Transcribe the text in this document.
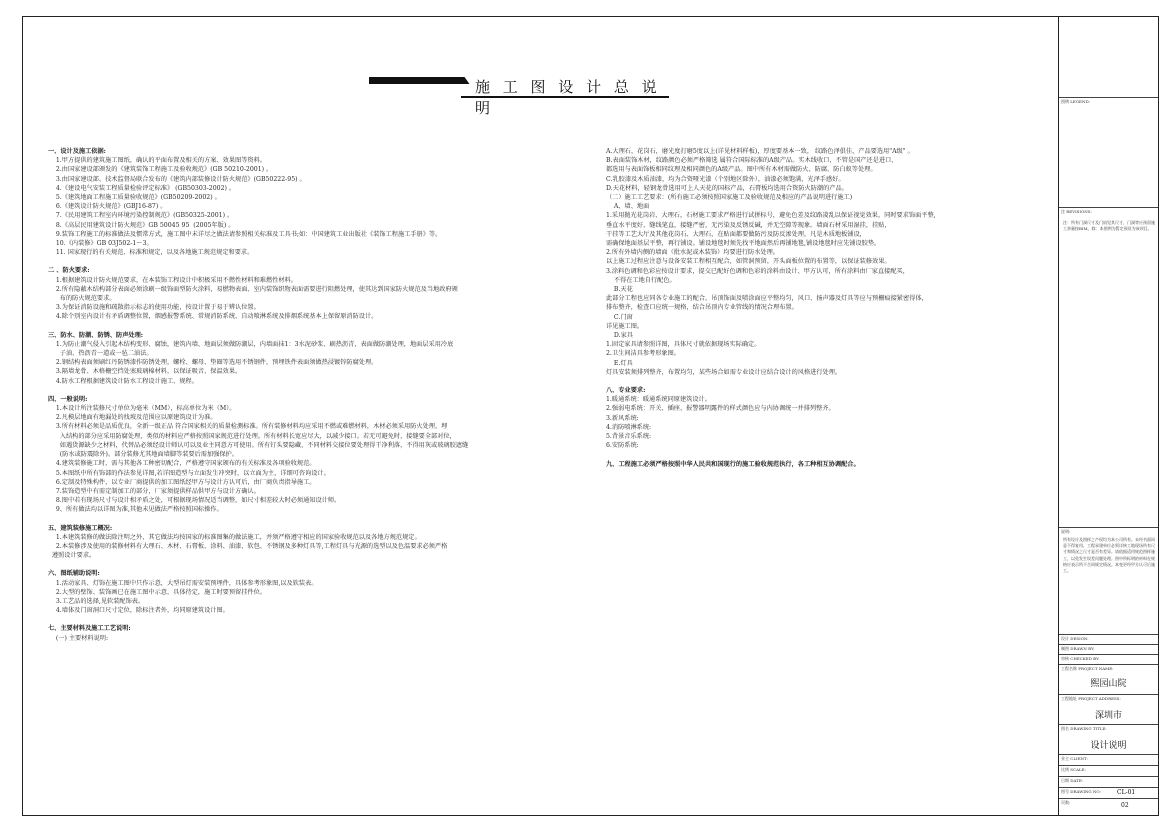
施 工 图 设 计 总 说 明
一、设计及施工依据:
1.甲方提供的建筑施工图纸，确认的平面布置及相关的方案、效果图等资料。
2.由国家建设部颁发的《建筑装饰工程施工及验收规范》(GB 50210-2001) 。
3.由国家建设部、技术监督局联合发布的《建筑内部装修设计防火规范》(GB50222-95) 。
4.《建设电气安装工程质量检验评定标准》 (GB50303-2002) 。
5.《建筑地面工程施工质量验收规范》(GB50209-2002) 。
6.《建筑设计防火规范》(GBJ16-87) 。
7.《民用建筑工程室内环境污染控制规范》(GB50325-2001) 。
8.《高层民用建筑设计防火规范》GB 50045 95  (2005年版) 。
9.装饰工程施工的标准做法及惯常方式，施工图中未详尽之做法请参照相关标准及工具书;如：中国建筑工业出版社《装饰工程施工手册》等。
10.《内装修》GB 03J502-1～3。
11. 国家现行的有关规范、标准和规定，以及各地施工规范规定和要求。
二 、防火要求:
1.根据建筑设计防火规范要求，在本装饰工程设计中积极采用不燃性材料和难燃性材料。
2.所有隐蔽木结构部分表面必须涂刷一级饰面型防火涂料，易燃物表面、室内装饰织物表面需要进行阻燃处理，使其达到国家防火规范及当地政府颁
布的防火规范要求。
3.为保证消防设施和疏散指示标志的使用功能，按设计置于易于辨认位置。
4.除个别室内设计有矛盾调整位置，烟感报警系统、常规消防系统、自动喷淋系统及排烟系统基本上保留原消防设计。
三、防水、防潮、防锈、防声处理:
1.为防止潮气侵入引起木结构变形、腐蚀，建筑内墙、地面层须做防潮层，内墙面抹1：3水泥砂浆、刷热沥青，表面做防潮处理，地面层采用冷底
子油、热沥青一道或一毡二油法。
2.钢结构表面须刷红丹防锈漆作防锈处理，螺栓、螺母、垫圈等选用不锈钢件，预埋铁件表面须做热浸镀锌防腐处理。
3.隔墙龙骨、木格栅空挡处塞玻璃棉材料，以保证吸音、保温效果。
4.防水工程根据建筑设计防水工程设计施工、规程。
四、一般说明:
1.本设计所注装修尺寸单位为毫米（MM），标高单位为米（M）。
2.凡模层地面有地漏处的找坡及范围应以原建筑设计为准。
3.所有材料必须是品质优良，全新一级正品 符合国家相关的质量检测标准。所有装修材料均应采用不燃或难燃材料，木材必须采用防火处理，埋
入结构的部分应采用防腐处理，类似的材料应严格按照国家规范进行处理。所有材料长宽应尽大，以减少接口。若无可避免时，接缝要全部对位，
如遇货源缺少之材料，代替品必须经设计师认可以及业主同意方可使用。所有钉头要隐藏，不同材料交接位要处理得干净利落，不得用灰或玻璃胶遮缝
(防水或防震除外)。部分装修尤其地面墙脚等装要后需加强保护。
4.建筑装修施工时，需与其他各工种密切配合，严格遵守国家颁布的有关标准及各项验收规范。
5.本图纸中所有饰部的作法参见详图,若详图造型与立面发生冲突时，以立面为主，详细可咨询设计。
6.定制及特殊构件，以专业厂商提供的加工图纸经甲方与设计方认可后，由厂商负责指导施工。
7.装饰造型中有需定制加工的部分，厂家须提供样品供甲方与设计方确认。
8.图中若有现场尺寸与设计相矛盾之处，可根据现场情况适当调整，如尺寸相差较大时必须通知设计师。
9、所有做法均以详图为准,其他未见做法严格按照国标操作。
五、建筑装修施工概况:
1.本建筑装修的做法除注明之外，其它做法均按国家的标准图集的做法施工，并须严格遵守相应的国家验收规范以及各地方规范规定。
2.本装修涉及使用的装修材料有大理石、木材、石膏板、涂料、油漆、软包、不锈钢及多种灯具等,工程灯具与光源的选型以及色温要求必须严格
遵照设计要求。
六、图纸辅助说明:
1.活动家具、灯饰在施工图中只作示意，大型吊灯需安装预埋件，具体参考形象图,以及软装表。
2.大型的壁饰、装饰画已在施工图中示意，具体待定，施工时要预留挂件位。
3.工艺品的选择,见软装配饰表。
4.墙体及门窗洞口尺寸定位，除标注者外，均同原建筑设计图。
七、主要材料及施工工艺说明:
(一) 主要材料说明:
A.大理石，花岗石，磨光度打磨5度以上(详见材料样板)，厚度要基本一致， 纹路色泽俱佳，产品要选用"A级" 。
B.表面装饰木材，纹路颜色必须严格筛选 属符合国际标准的A级产品。实木线收口，不管是国产还是进口，
都选用与表面饰板相同纹理及相同颜色的A级产品。图中所有木材需做防火、防腐、防白蚁等处理。
C.乳胶漆及木质油漆，均为合资哑光漆（个别地区除外），油漆必须饱满，光泽手感好。
D.天花材料，轻钢龙骨选用可上人天花的国标产品，石膏板均选用合资防火防潮的产品。
（二）施工工艺要求：(所有施工必须按照国家施工及验收规范及相应的产品说明进行施工)
A、墙、地面
1.采用抛光花岗岩、大理石，石材施工要求严格进行试拼标号，避免色差及纹路凌乱以保证视觉效果，同时要求饰面平整,
垂直水平度好，缝线笔直，接缝严密，无污染及反锈反碱，并无空隙等现象。墙面石材采用湿挂，挂贴，
干挂等工艺大厅及其他花岗石、大理石，在贴面都要做防污及防反渗处理，凡是木质地板铺设，
需确保地面基层平整，再行铺设。铺设地毯时须先找平地面然后再铺地毯,铺设地毯时应先铺设胶垫。
2.所有外墙内侧的墙面（批水泥或木装饰）均要进行防水处理。
以上施工过程应注意与设备安装工程相互配合，如管洞预留，开头面板位置的布置等，以保证装修效果。
3.涂料色调和色彩应按设计要求，提交已配好色调和色彩的涂料由设计、甲方认可，所有涂料由厂家直接配买，
不得在工地自行配色。
B.天花
此部分工程也应同各专业施工的配合，吊顶饰面及喷涂面应平整均匀，风口、扬声器及灯具等应与预栅痕接紧密得体，
排布整齐，检查口应统一规格，结合吊顶内专业管线的情况合理布置。
C.门窗
详见施工图。
D.家具
1.固定家具请参照详图，具体尺寸就依据现场实际确定。
2.卫生间洁具参考形象图。
E.灯具
灯具安装须排列整齐，布置均匀，某些场合如需专业设计应结合设计的风格进行处理。
八、专业要求:
1.暖通系统：暖通系统同原建筑设计。
2.强弱电系统：开关、插座、报警器明露件的样式颜色应与内协调统一并排列整齐。
3.新风系统:
4.消防喷淋系统:
5.背景音乐系统:
6.安防系统:
九、工程施工必须严格按照中华人民共和国现行的施工验收规范执行，各工种相互协调配合。
图例 LEGEND:
注 REVISIONS:
注：所有门洞尺寸及门扇见其尺寸，门洞等应预留施工余量按BIM。除：本图例为暂定预设为该项目。
说明:
所有设计及图样之产权均为本公司所有。未经书面同意不得复用。工程承建单位必须详核工地现场所有尺寸和情况之尺寸是否有差异。请依据适用规范图样施工，以免发生误差问题处理。图中所标明的材料在规格应表示所不合同规定情况。本变更经甲方认可后施工。
设计 DESIGN:
制图 DRAWN BY:
审核 CHECKED BY:
工程名称 PROJECT NAME:
熙园山院
工程地址 PROJECT ADDRESS:
深圳市
图名 DRAWING TITLE:
设计说明
业主 CLIENT:
比例 SCALE:
日期 DATE:
图号 DRAWING NO:	CL-01
页数:	02
